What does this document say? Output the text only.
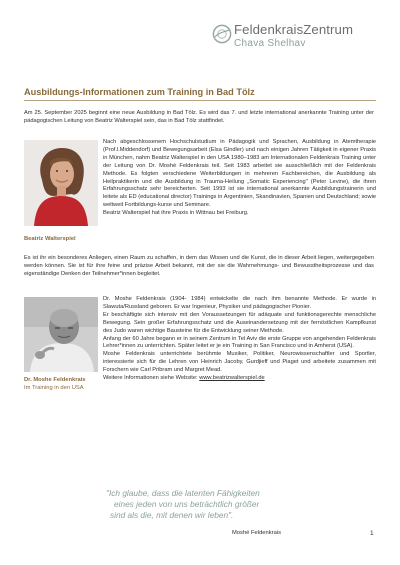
FeldenkraisZentrum
Chava Shelhav
Ausbildungs-Informationen zum Training in Bad Tölz

Am 25. September 2025 beginnt eine neue Ausbildung in Bad Tölz. Es wird das 7. und letzte international anerkannte Training unter der pädagogischen Leitung von Beatriz Walterspiel sein, das in Bad Tölz stattfindet.

Beatriz Walterspiel

Nach abgeschlossenem Hochschulstudium in Pädagogik und Sprachen, Ausbildung in Atemtherapie (Prof.l.Middendorf) und Bewegungsarbeit (Elsa Gindler) und nach einigen Jahren Tätigkeit in eigener Praxis in München, nahm Beatriz Walterspiel in den USA 1980–1983 am Internationalen Feldenkrais Training unter der Leitung von Dr. Moshé Feldenkrais teil. Seit 1983 arbeitet sie ausschließlich mit der Feldenkrais Methode. Es folgten verschiedene Weiterbildungen in mehreren Fachbereichen, die Ausbildung als Heilpraktikerin und die Ausbildung in Trauma-Heilung „Somatic Experiencing" (Peter Levine), die ihren Erfahrungsschatz sehr bereicherten. Seit 1993 ist sie international anerkannte Ausbildungstrainerin und leitete als ED (educational director) Trainings in Argentinien, Skandinavien, Spanien und Deutschland; sowie weltweit Fortbildungs-kurse und Seminare.

Beatriz Walterspiel hat ihre Praxis in Wittnau bei Freiburg.

Es ist ihr ein besonderes Anliegen, einen Raum zu schaffen, in dem das Wissen und die Kunst, die in dieser Arbeit liegen, weitergegeben werden können. Sie ist für ihre feine und präzise Arbeit bekannt, mit der sie die Wahrnehmungs- und Bewusstheitsprozesse und das eigenständige Denken der Teilnehmer*innen begleitet.

Dr. Moshe Feldenkrais

Im Training in den USA

Dr. Moshe Feldenkrais (1904- 1984) entwickelte die nach ihm benannte Methode. Er wurde in Slawuta/Russland geboren. Er war Ingenieur, Physiker und pädagogischer Pionier.

Er beschäftigte sich intensiv mit den Voraussetzungen für adäquate und funktionsgerechte menschliche Bewegung. Sein großer Erfahrungsschatz und die Auseinandersetzung mit der fernöstlichen Kampfkunst des Judo waren wichtige Bausteine für die Entwicklung seiner Methode.

Anfang der 60 Jahre begann er in seinem Zentrum in Tel Aviv die erste Gruppe von angehenden Feldenkrais Lehrer*innen zu unterrichten. Später leitet er je ein Training in San Francisco und in Amherst (USA).

Moshe Feldenkrais unterrichtete berühmte Musiker, Politiker, Neurowissenschaftler und Sportler, interessierte sich für die Lehren von Heinrich Jacoby, Gurdjieff und Piaget und arbeitete zusammen mit Forschern wie Carl Pribram und Margret Mead.

Weitere Informationen siehe Website: www.beatrizwalterspiel.de

"Ich glaube, dass die latenten Fähigkeiten
eines jeden von uns beträchtlich größer
sind als die, mit denen wir leben".

Moshé Feldenkrais	1
